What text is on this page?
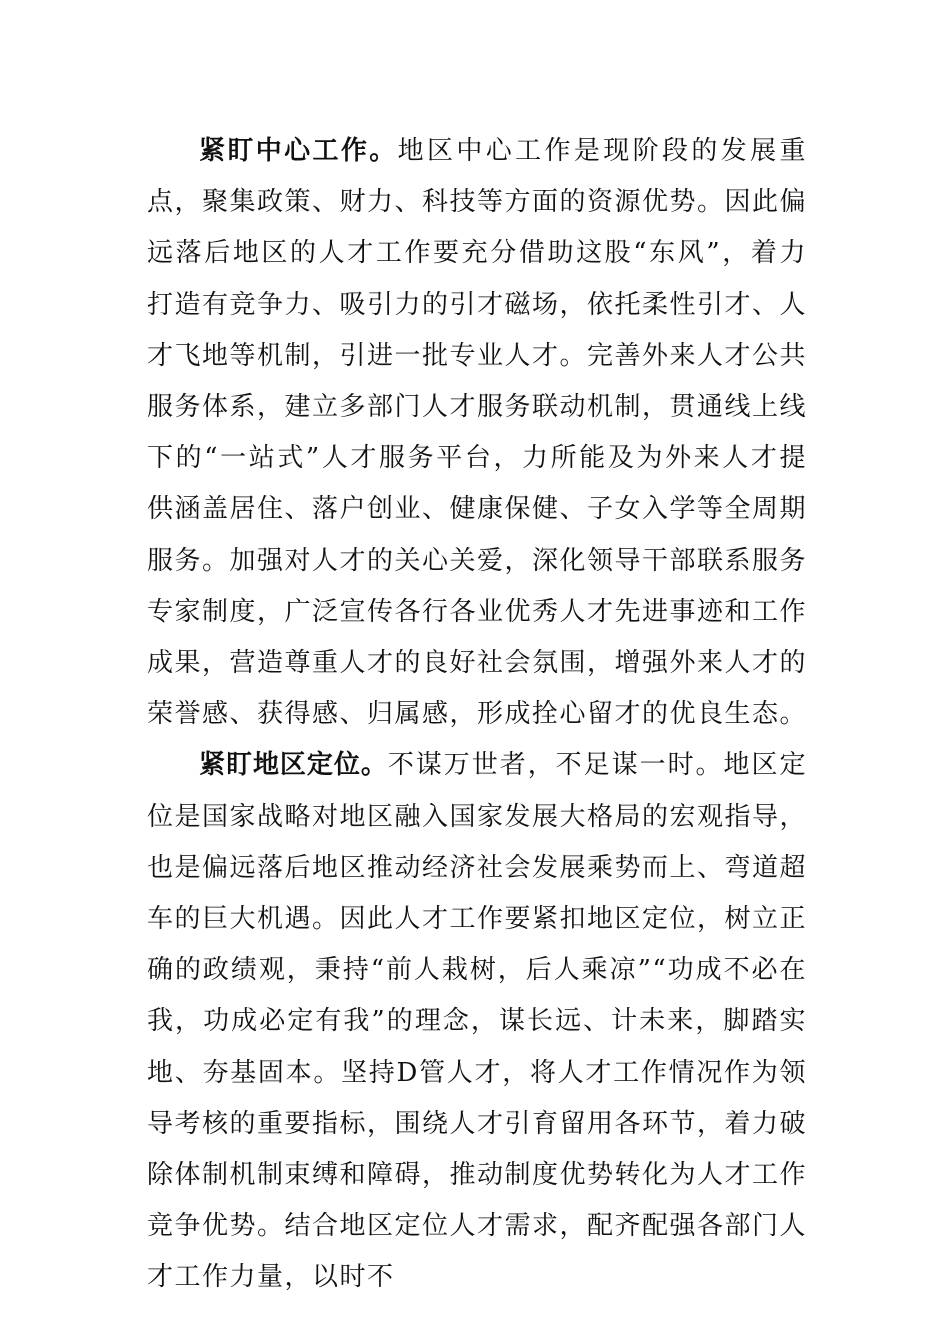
紧盯中心工作。地区中心工作是现阶段的发展重点，聚集政策、财力、科技等方面的资源优势。因此偏远落后地区的人才工作要充分借助这股“东风”，着力打造有竞争力、吸引力的引才磁场，依托柔性引才、人才飞地等机制，引进一批专业人才。完善外来人才公共服务体系，建立多部门人才服务联动机制，贯通线上线下的“一站式”人才服务平台，力所能及为外来人才提供涵盖居住、落户创业、健康保健、子女入学等全周期服务。加强对人才的关心关爱，深化领导干部联系服务专家制度，广泛宣传各行各业优秀人才先进事迹和工作成果，营造尊重人才的良好社会氛围，增强外来人才的荣誉感、获得感、归属感，形成拴心留才的优良生态。

紧盯地区定位。不谋万世者，不足谋一时。地区定位是国家战略对地区融入国家发展大格局的宏观指导，也是偏远落后地区推动经济社会发展乘势而上、弯道超车的巨大机遇。因此人才工作要紧扣地区定位，树立正确的政绩观，秉持“前人栽树，后人乘凉”“功成不必在我，功成必定有我”的理念，谋长远、计未来，脚踏实地、夯基固本。坚持D管人才，将人才工作情况作为领导考核的重要指标，围绕人才引育留用各环节，着力破除体制机制束缚和障碍，推动制度优势转化为人才工作竞争优势。结合地区定位人才需求，配齐配强各部门人才工作力量，以时不
